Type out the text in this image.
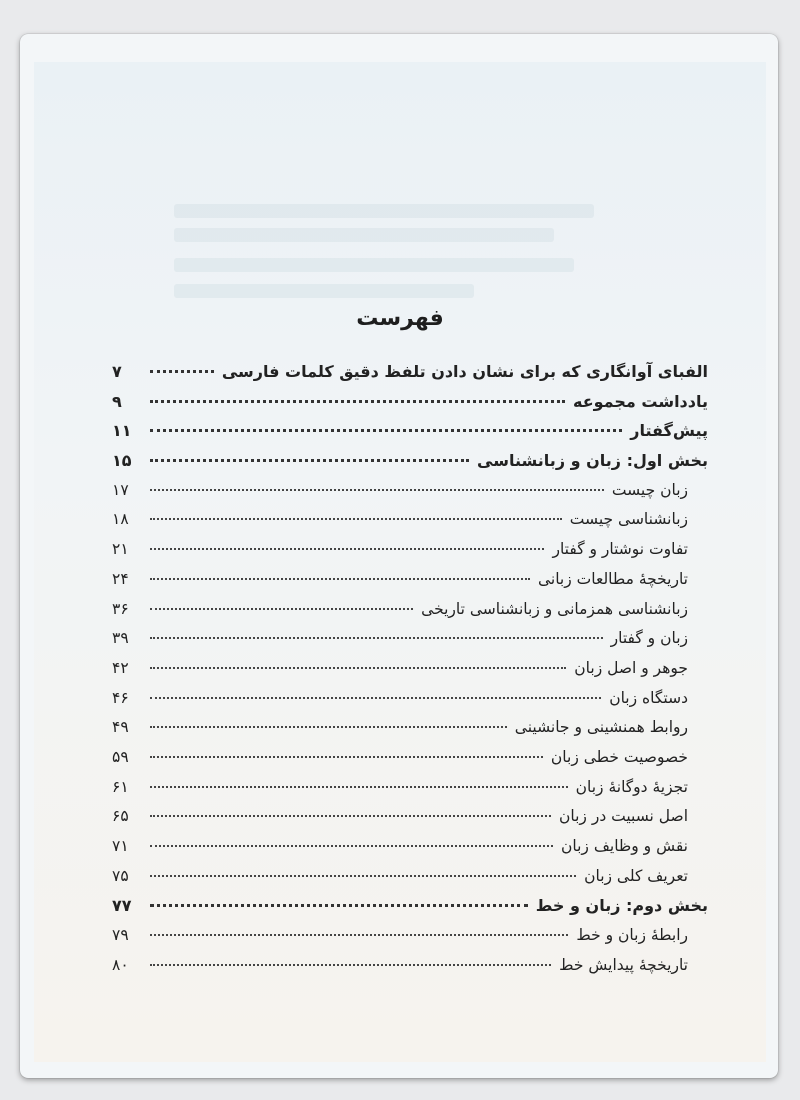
فهرست
الفبای آوانگاری که برای نشان دادن تلفظ دقیق کلمات فارسی
۷
یادداشت مجموعه
۹
پیش‌گفتار
۱۱
بخش اول: زبان و زبانشناسی
۱۵
زبان چیست
۱۷
زبانشناسی چیست
۱۸
تفاوت نوشتار و گفتار
۲۱
تاریخچهٔ مطالعات زبانی
۲۴
زبانشناسی همزمانی و زبانشناسی تاریخی
۳۶
زبان و گفتار
۳۹
جوهر و اصل زبان
۴۲
دستگاه زبان
۴۶
روابط همنشینی و جانشینی
۴۹
خصوصیت خطی زبان
۵۹
تجزیهٔ دوگانهٔ زبان
۶۱
اصل نسبیت در زبان
۶۵
نقش و وظایف زبان
۷۱
تعریف کلی زبان
۷۵
بخش دوم: زبان و خط
۷۷
رابطهٔ زبان و خط
۷۹
تاریخچهٔ پیدایش خط
۸۰
